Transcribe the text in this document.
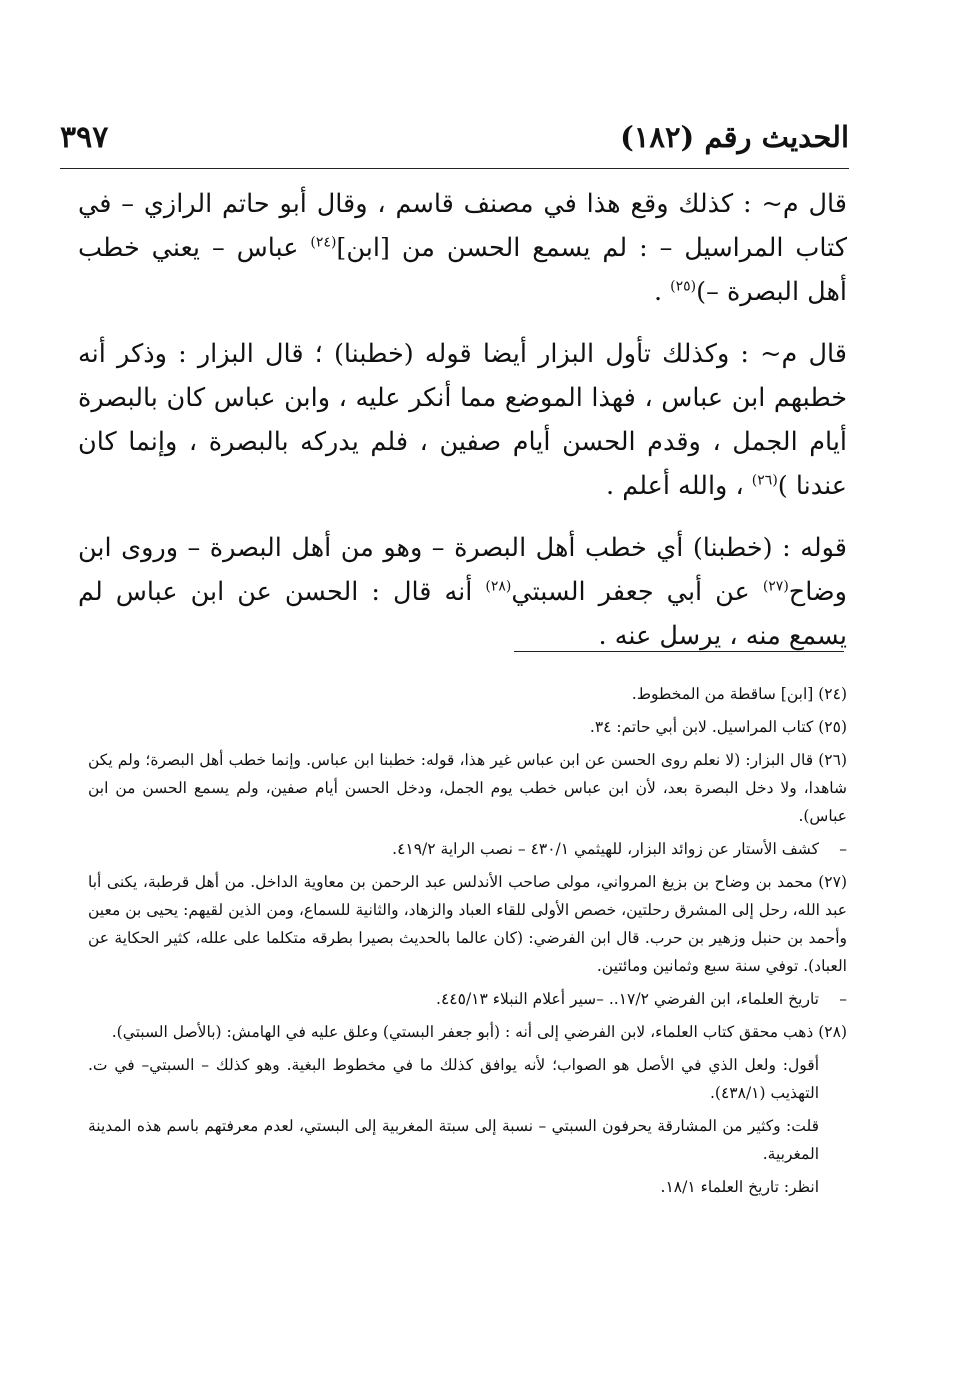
الحديث رقم (١٨٢)
٣٩٧

قال م~ : كذلك وقع هذا في مصنف قاسم ، وقال أبو حاتم الرازي – في كتاب المراسيل – : لم يسمع الحسن من [ابن]$^{(٢٤)}$ عباس – يعني خطب أهل البصرة –)$^{(٢٥)}$ .

قال م~ : وكذلك تأول البزار أيضا قوله (خطبنا) ؛ قال البزار : وذكر أنه خطبهم ابن عباس ، فهذا الموضع مما أنكر عليه ، وابن عباس كان بالبصرة أيام الجمل ، وقدم الحسن أيام صفين ، فلم يدركه بالبصرة ، وإنما كان عندنا )$^{(٢٦)}$ ، والله أعلم .

قوله : (خطبنا) أي خطب أهل البصرة – وهو من أهل البصرة – وروى ابن وضاح$^{(٢٧)}$ عن أبي جعفر السبتي$^{(٢٨)}$ أنه قال : الحسن عن ابن عباس لم يسمع منه ، يرسل عنه .

(٢٤) [ابن] ساقطة من المخطوط.
(٢٥) كتاب المراسيل. لابن أبي حاتم: ٣٤.
(٢٦) قال البزار: (لا نعلم روى الحسن عن ابن عباس غير هذا، قوله: خطبنا ابن عباس. وإنما خطب أهل البصرة؛ ولم يكن شاهدا، ولا دخل البصرة بعد، لأن ابن عباس خطب يوم الجمل، ودخل الحسن أيام صفين، ولم يسمع الحسن من ابن عباس).
–كشف الأستار عن زوائد البزار، للهيثمي ٤٣٠/١ – نصب الراية ٤١٩/٢.
(٢٧) محمد بن وضاح بن بزيغ المرواني، مولى صاحب الأندلس عبد الرحمن بن معاوية الداخل. من أهل قرطبة، يكنى أبا عبد الله، رحل إلى المشرق رحلتين، خصص الأولى للقاء العباد والزهاد، والثانية للسماع، ومن الذين لقيهم: يحيى بن معين وأحمد بن حنبل وزهير بن حرب. قال ابن الفرضي: (كان عالما بالحديث بصيرا بطرقه متكلما على علله، كثير الحكاية عن العباد). توفي سنة سبع وثمانين ومائتين.
–تاريخ العلماء، ابن الفرضي ١٧/٢.. –سير أعلام النبلاء ٤٤٥/١٣.
(٢٨) ذهب محقق كتاب العلماء، لابن الفرضي إلى أنه : (أبو جعفر البستي) وعلق عليه في الهامش: (بالأصل السبتي).
أقول: ولعل الذي في الأصل هو الصواب؛ لأنه يوافق كذلك ما في مخطوط البغية. وهو كذلك – السبتي– في ت. التهذيب (٤٣٨/١).
قلت: وكثير من المشارقة يحرفون السبتي – نسبة إلى سبتة المغربية إلى البستي، لعدم معرفتهم باسم هذه المدينة المغربية.
انظر: تاريخ العلماء ١٨/١.
